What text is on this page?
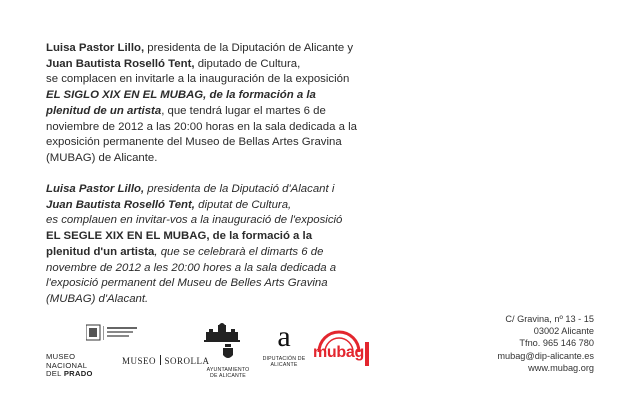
Luisa Pastor Lillo, presidenta de la Diputación de Alicante y

Juan Bautista Roselló Tent, diputado de Cultura,

se complacen en invitarle a la inauguración de la exposición

EL SIGLO XIX EN EL MUBAG, de la formación a la

plenitud de un artista, que tendrá lugar el martes 6 de

noviembre de 2012 a las 20:00 horas en la sala dedicada a la

exposición permanente del Museo de Bellas Artes Gravina

(MUBAG) de Alicante.

Luisa Pastor Lillo, presidenta de la Diputació d'Alacant i

Juan Bautista Roselló Tent, diputat de Cultura,

es complauen en invitar-vos a la inauguració de l'exposició

EL SEGLE XIX EN EL MUBAG, de la formació a la

plenitud d'un artista, que se celebrarà el dimarts 6 de

novembre de 2012 a les 20:00 hores a la sala dedicada a

l'exposició permanent del Museu de Belles Arts Gravina

(MUBAG) d'Alacant.

C/ Gravina, nº 13 - 15
03002 Alicante
Tfno. 965 146 780
mubag@dip-alicante.es
www.mubag.org
MUSEO NACIONAL
DEL PRADO
MUSEO SOROLLA
AYUNTAMIENTO DE ALICANTE
a
DIPUTACIÓN DE ALICANTE
mubag
